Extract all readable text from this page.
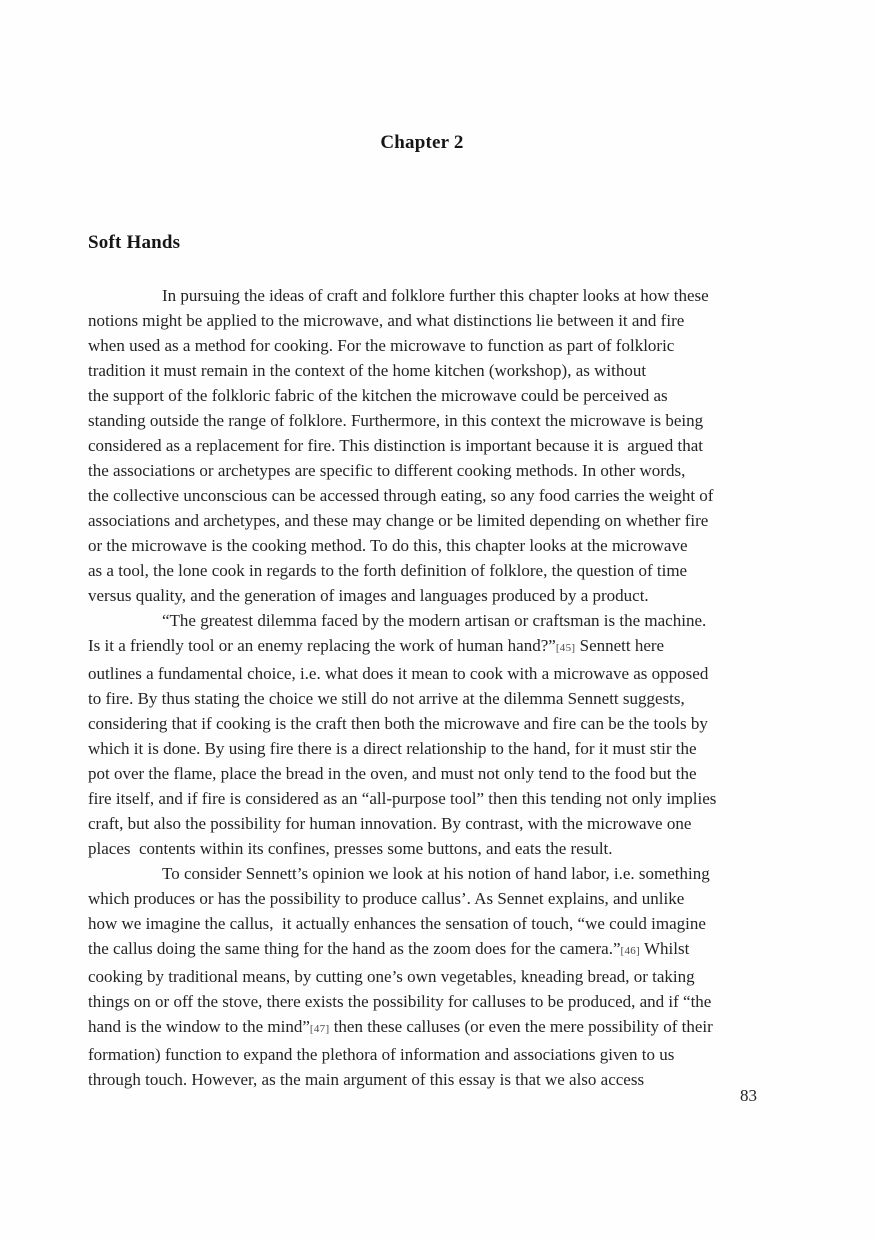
Chapter 2
Soft Hands
In pursuing the ideas of craft and folklore further this chapter looks at how these
notions might be applied to the microwave, and what distinctions lie between it and fire
when used as a method for cooking. For the microwave to function as part of folkloric
tradition it must remain in the context of the home kitchen (workshop), as without
the support of the folkloric fabric of the kitchen the microwave could be perceived as
standing outside the range of folklore. Furthermore, in this context the microwave is being
considered as a replacement for fire. This distinction is important because it is  argued that
the associations or archetypes are specific to different cooking methods. In other words,
the collective unconscious can be accessed through eating, so any food carries the weight of
associations and archetypes, and these may change or be limited depending on whether fire
or the microwave is the cooking method. To do this, this chapter looks at the microwave
as a tool, the lone cook in regards to the forth definition of folklore, the question of time
versus quality, and the generation of images and languages produced by a product.
“The greatest dilemma faced by the modern artisan or craftsman is the machine.
Is it a friendly tool or an enemy replacing the work of human hand?”[45] Sennett here
outlines a fundamental choice, i.e. what does it mean to cook with a microwave as opposed
to fire. By thus stating the choice we still do not arrive at the dilemma Sennett suggests,
considering that if cooking is the craft then both the microwave and fire can be the tools by
which it is done. By using fire there is a direct relationship to the hand, for it must stir the
pot over the flame, place the bread in the oven, and must not only tend to the food but the
fire itself, and if fire is considered as an “all-purpose tool” then this tending not only implies
craft, but also the possibility for human innovation. By contrast, with the microwave one
places  contents within its confines, presses some buttons, and eats the result.
To consider Sennett’s opinion we look at his notion of hand labor, i.e. something
which produces or has the possibility to produce callus’. As Sennet explains, and unlike
how we imagine the callus,  it actually enhances the sensation of touch, “we could imagine
the callus doing the same thing for the hand as the zoom does for the camera.”[46] Whilst
cooking by traditional means, by cutting one’s own vegetables, kneading bread, or taking
things on or off the stove, there exists the possibility for calluses to be produced, and if “the
hand is the window to the mind”[47] then these calluses (or even the mere possibility of their
formation) function to expand the plethora of information and associations given to us
through touch. However, as the main argument of this essay is that we also access
83
